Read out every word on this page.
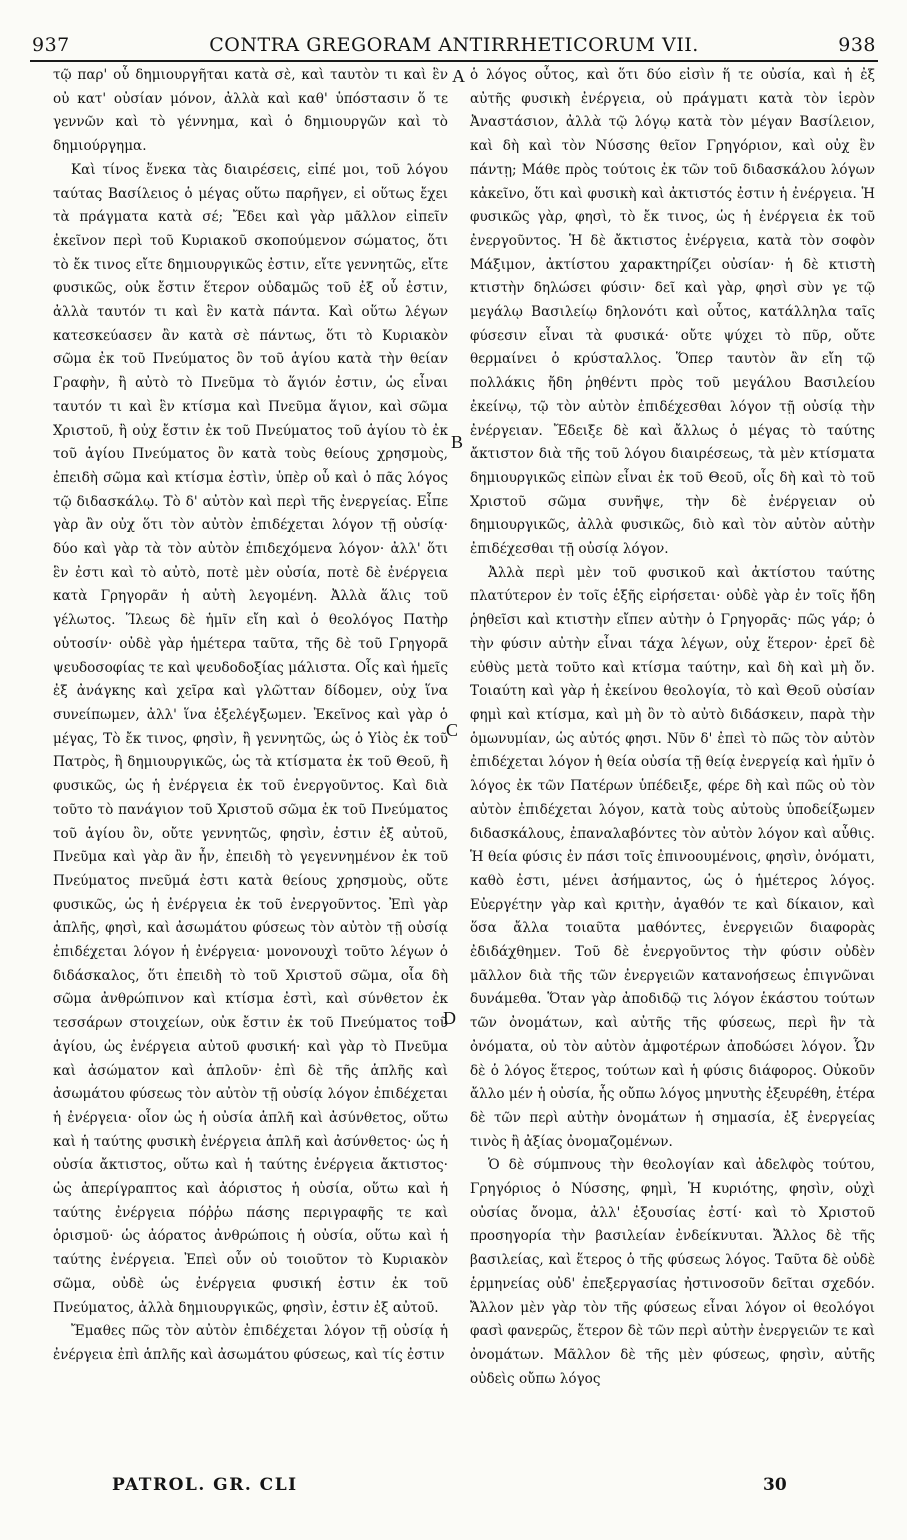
937	CONTRA GREGORAM ANTIRRHETICORUM VII.	938

τῷ παρ' οὗ δημιουργῆται κατὰ σὲ, καὶ ταυτὸν τι καὶ ἓν οὐ κατ' οὐσίαν μόνον, ἀλλὰ καὶ καθ' ὑπόστασιν ὅ τε γεννῶν καὶ τὸ γέννημα, καὶ ὁ δημιουργῶν καὶ τὸ δημιούργημα.

Καὶ τίνος ἕνεκα τὰς διαιρέσεις, εἰπέ μοι, τοῦ λόγου ταύτας Βασίλειος ὁ μέγας οὕτω παρῆγεν, εἰ οὕτως ἔχει τὰ πράγματα κατὰ σέ; Ἔδει καὶ γὰρ μᾶλλον εἰπεῖν ἐκεῖνον περὶ τοῦ Κυριακοῦ σκοπούμενον σώματος, ὅτι τὸ ἔκ τινος εἴτε δημιουργικῶς ἐστιν, εἴτε γεννητῶς, εἴτε φυσικῶς, οὐκ ἔστιν ἕτερον οὐδαμῶς τοῦ ἐξ οὗ ἐστιν, ἀλλὰ ταυτόν τι καὶ ἓν κατὰ πάντα. Καὶ οὕτω λέγων κατεσκεύασεν ἂν κατὰ σὲ πάντως, ὅτι τὸ Κυριακὸν σῶμα ἐκ τοῦ Πνεύματος ὂν τοῦ ἁγίου κατὰ τὴν θείαν Γραφὴν, ἢ αὐτὸ τὸ Πνεῦμα τὸ ἅγιόν ἐστιν, ὡς εἶναι ταυτόν τι καὶ ἓν κτίσμα καὶ Πνεῦμα ἅγιον, καὶ σῶμα Χριστοῦ, ἢ οὐχ ἔστιν ἐκ τοῦ Πνεύματος τοῦ ἁγίου τὸ ἐκ τοῦ ἁγίου Πνεύματος ὂν κατὰ τοὺς θείους χρησμοὺς, ἐπειδὴ σῶμα καὶ κτίσμα ἐστὶν, ὑπὲρ οὗ καὶ ὁ πᾶς λόγος τῷ διδασκάλῳ. Τὸ δ' αὐτὸν καὶ περὶ τῆς ἐνεργείας. Εἶπε γὰρ ἂν οὐχ ὅτι τὸν αὐτὸν ἐπιδέχεται λόγον τῇ οὐσίᾳ· δύο καὶ γὰρ τὰ τὸν αὐτὸν ἐπιδεχόμενα λόγον· ἀλλ' ὅτι ἓν ἐστι καὶ τὸ αὐτὸ, ποτὲ μὲν οὐσία, ποτὲ δὲ ἐνέργεια κατὰ Γρηγορᾶν ἡ αὐτὴ λεγομένη. Ἀλλὰ ἅλις τοῦ γέλωτος. Ἵλεως δὲ ἡμῖν εἴη καὶ ὁ θεολόγος Πατὴρ οὑτοσίν· οὐδὲ γὰρ ἡμέτερα ταῦτα, τῆς δὲ τοῦ Γρηγορᾶ ψευδοσοφίας τε καὶ ψευδοδοξίας μάλιστα. Οἷς καὶ ἡμεῖς ἐξ ἀνάγκης καὶ χεῖρα καὶ γλῶτταν δίδομεν, οὐχ ἵνα συνείπωμεν, ἀλλ' ἵνα ἐξελέγξωμεν. Ἐκεῖνος καὶ γὰρ ὁ μέγας, Τὸ ἔκ τινος, φησὶν, ἢ γεννητῶς, ὡς ὁ Υἱὸς ἐκ τοῦ Πατρὸς, ἢ δημιουργικῶς, ὡς τὰ κτίσματα ἐκ τοῦ Θεοῦ, ἢ φυσικῶς, ὡς ἡ ἐνέργεια ἐκ τοῦ ἐνεργοῦντος. Καὶ διὰ τοῦτο τὸ πανάγιον τοῦ Χριστοῦ σῶμα ἐκ τοῦ Πνεύματος τοῦ ἁγίου ὂν, οὔτε γεννητῶς, φησὶν, ἐστιν ἐξ αὐτοῦ, Πνεῦμα καὶ γὰρ ἂν ἦν, ἐπειδὴ τὸ γεγεννημένον ἐκ τοῦ Πνεύματος πνεῦμά ἐστι κατὰ θείους χρησμοὺς, οὔτε φυσικῶς, ὡς ἡ ἐνέργεια ἐκ τοῦ ἐνεργοῦντος. Ἐπὶ γὰρ ἁπλῆς, φησὶ, καὶ ἀσωμάτου φύσεως τὸν αὐτὸν τῇ οὐσίᾳ ἐπιδέχεται λόγον ἡ ἐνέργεια· μονονουχὶ τοῦτο λέγων ὁ διδάσκαλος, ὅτι ἐπειδὴ τὸ τοῦ Χριστοῦ σῶμα, οἷα δὴ σῶμα ἀνθρώπινον καὶ κτίσμα ἐστὶ, καὶ σύνθετον ἐκ τεσσάρων στοιχείων, οὐκ ἔστιν ἐκ τοῦ Πνεύματος τοῦ ἁγίου, ὡς ἐνέργεια αὐτοῦ φυσική· καὶ γὰρ τὸ Πνεῦμα καὶ ἀσώματον καὶ ἁπλοῦν· ἐπὶ δὲ τῆς ἁπλῆς καὶ ἀσωμάτου φύσεως τὸν αὐτὸν τῇ οὐσίᾳ λόγον ἐπιδέχεται ἡ ἐνέργεια· οἷον ὡς ἡ οὐσία ἁπλῆ καὶ ἀσύνθετος, οὕτω καὶ ἡ ταύτης φυσικὴ ἐνέργεια ἁπλῆ καὶ ἀσύνθετος· ὡς ἡ οὐσία ἄκτιστος, οὕτω καὶ ἡ ταύτης ἐνέργεια ἄκτιστος· ὡς ἀπερίγραπτος καὶ ἀόριστος ἡ οὐσία, οὕτω καὶ ἡ ταύτης ἐνέργεια πόῤῥω πάσης περιγραφῆς τε καὶ ὁρισμοῦ· ὡς ἀόρατος ἀνθρώποις ἡ οὐσία, οὕτω καὶ ἡ ταύτης ἐνέργεια. Ἐπεὶ οὖν οὐ τοιοῦτον τὸ Κυριακὸν σῶμα, οὐδὲ ὡς ἐνέργεια φυσική ἐστιν ἐκ τοῦ Πνεύματος, ἀλλὰ δημιουργικῶς, φησὶν, ἐστιν ἐξ αὐτοῦ.

Ἔμαθες πῶς τὸν αὐτὸν ἐπιδέχεται λόγον τῇ οὐσίᾳ ἡ ἐνέργεια ἐπὶ ἁπλῆς καὶ ἀσωμάτου φύσεως, καὶ τίς ἐστιν

A
B
C
D

ὁ λόγος οὗτος, καὶ ὅτι δύο εἰσὶν ἥ τε οὐσία, καὶ ἡ ἐξ αὐτῆς φυσικὴ ἐνέργεια, οὐ πράγματι κατὰ τὸν ἱερὸν Ἀναστάσιον, ἀλλὰ τῷ λόγῳ κατὰ τὸν μέγαν Βασίλειον, καὶ δὴ καὶ τὸν Νύσσης θεῖον Γρηγόριον, καὶ οὐχ ἓν πάντῃ; Μάθε πρὸς τούτοις ἐκ τῶν τοῦ διδασκάλου λόγων κἀκεῖνο, ὅτι καὶ φυσικὴ καὶ ἀκτιστός ἐστιν ἡ ἐνέργεια. Ἡ φυσικῶς γὰρ, φησὶ, τὸ ἔκ τινος, ὡς ἡ ἐνέργεια ἐκ τοῦ ἐνεργοῦντος. Ἡ δὲ ἄκτιστος ἐνέργεια, κατὰ τὸν σοφὸν Μάξιμον, ἀκτίστου χαρακτηρίζει οὐσίαν· ἡ δὲ κτιστὴ κτιστὴν δηλώσει φύσιν· δεῖ καὶ γὰρ, φησὶ σὺν γε τῷ μεγάλῳ Βασιλείῳ δηλονότι καὶ οὗτος, κατάλληλα ταῖς φύσεσιν εἶναι τὰ φυσικά· οὔτε ψύχει τὸ πῦρ, οὔτε θερμαίνει ὁ κρύσταλλος. Ὅπερ ταυτὸν ἂν εἴη τῷ πολλάκις ἤδη ῥηθέντι πρὸς τοῦ μεγάλου Βασιλείου ἐκείνῳ, τῷ τὸν αὐτὸν ἐπιδέχεσθαι λόγον τῇ οὐσίᾳ τὴν ἐνέργειαν. Ἔδειξε δὲ καὶ ἄλλως ὁ μέγας τὸ ταύτης ἄκτιστον διὰ τῆς τοῦ λόγου διαιρέσεως, τὰ μὲν κτίσματα δημιουργικῶς εἰπὼν εἶναι ἐκ τοῦ Θεοῦ, οἷς δὴ καὶ τὸ τοῦ Χριστοῦ σῶμα συνῆψε, τὴν δὲ ἐνέργειαν οὐ δημιουργικῶς, ἀλλὰ φυσικῶς, διὸ καὶ τὸν αὐτὸν αὐτὴν ἐπιδέχεσθαι τῇ οὐσίᾳ λόγον.

Ἀλλὰ περὶ μὲν τοῦ φυσικοῦ καὶ ἀκτίστου ταύτης πλατύτερον ἐν τοῖς ἑξῆς εἰρήσεται· οὐδὲ γὰρ ἐν τοῖς ἤδη ῥηθεῖσι καὶ κτιστὴν εἴπεν αὐτὴν ὁ Γρηγορᾶς· πῶς γάρ; ὁ τὴν φύσιν αὐτὴν εἶναι τάχα λέγων, οὐχ ἕτερον· ἐρεῖ δὲ εὐθὺς μετὰ τοῦτο καὶ κτίσμα ταύτην, καὶ δὴ καὶ μὴ ὄν. Τοιαύτη καὶ γὰρ ἡ ἐκείνου θεολογία, τὸ καὶ Θεοῦ οὐσίαν φημὶ καὶ κτίσμα, καὶ μὴ ὂν τὸ αὐτὸ διδάσκειν, παρὰ τὴν ὁμωνυμίαν, ὡς αὐτός φησι. Νῦν δ' ἐπεὶ τὸ πῶς τὸν αὐτὸν ἐπιδέχεται λόγον ἡ θεία οὐσία τῇ θείᾳ ἐνεργείᾳ καὶ ἡμῖν ὁ λόγος ἐκ τῶν Πατέρων ὑπέδειξε, φέρε δὴ καὶ πῶς οὐ τὸν αὐτὸν ἐπιδέχεται λόγον, κατὰ τοὺς αὐτοὺς ὑποδείξωμεν διδασκάλους, ἐπαναλαβόντες τὸν αὐτὸν λόγον καὶ αὖθις. Ἡ θεία φύσις ἐν πάσι τοῖς ἐπινοουμένοις, φησὶν, ὀνόματι, καθὸ ἐστι, μένει ἀσήμαντος, ὡς ὁ ἡμέτερος λόγος. Εὐεργέτην γὰρ καὶ κριτὴν, ἀγαθόν τε καὶ δίκαιον, καὶ ὅσα ἄλλα τοιαῦτα μαθόντες, ἐνεργειῶν διαφορὰς ἐδιδάχθημεν. Τοῦ δὲ ἐνεργοῦντος τὴν φύσιν οὐδὲν μᾶλλον διὰ τῆς τῶν ἐνεργειῶν κατανοήσεως ἐπιγνῶναι δυνάμεθα. Ὅταν γὰρ ἀποδιδῷ τις λόγον ἑκάστου τούτων τῶν ὀνομάτων, καὶ αὐτῆς τῆς φύσεως, περὶ ἣν τὰ ὀνόματα, οὐ τὸν αὐτὸν ἀμφοτέρων ἀποδώσει λόγον. Ὧν δὲ ὁ λόγος ἕτερος, τούτων καὶ ἡ φύσις διάφορος. Οὐκοῦν ἄλλο μέν ἡ οὐσία, ἧς οὔπω λόγος μηνυτὴς ἐξευρέθη, ἑτέρα δὲ τῶν περὶ αὐτὴν ὀνομάτων ἡ σημασία, ἐξ ἐνεργείας τινὸς ἢ ἀξίας ὀνομαζομένων.

Ὁ δὲ σύμπνους τὴν θεολογίαν καὶ ἀδελφὸς τούτου, Γρηγόριος ὁ Νύσσης, φημὶ, Ἡ κυριότης, φησὶν, οὐχὶ οὐσίας ὄνομα, ἀλλ' ἐξουσίας ἐστί· καὶ τὸ Χριστοῦ προσηγορία τὴν βασιλείαν ἐνδείκνυται. Ἄλλος δὲ τῆς βασιλείας, καὶ ἕτερος ὁ τῆς φύσεως λόγος. Ταῦτα δὲ οὐδὲ ἑρμηνείας οὐδ' ἐπεξεργασίας ἠστινοσοῦν δεῖται σχεδόν. Ἄλλον μὲν γὰρ τὸν τῆς φύσεως εἶναι λόγον οἱ θεολόγοι φασὶ φανερῶς, ἕτερον δὲ τῶν περὶ αὐτὴν ἐνεργειῶν τε καὶ ὀνομάτων. Μᾶλλον δὲ τῆς μὲν φύσεως, φησὶν, αὐτῆς οὐδεὶς οὔπω λόγος

PATROL. GR. CLI	30
